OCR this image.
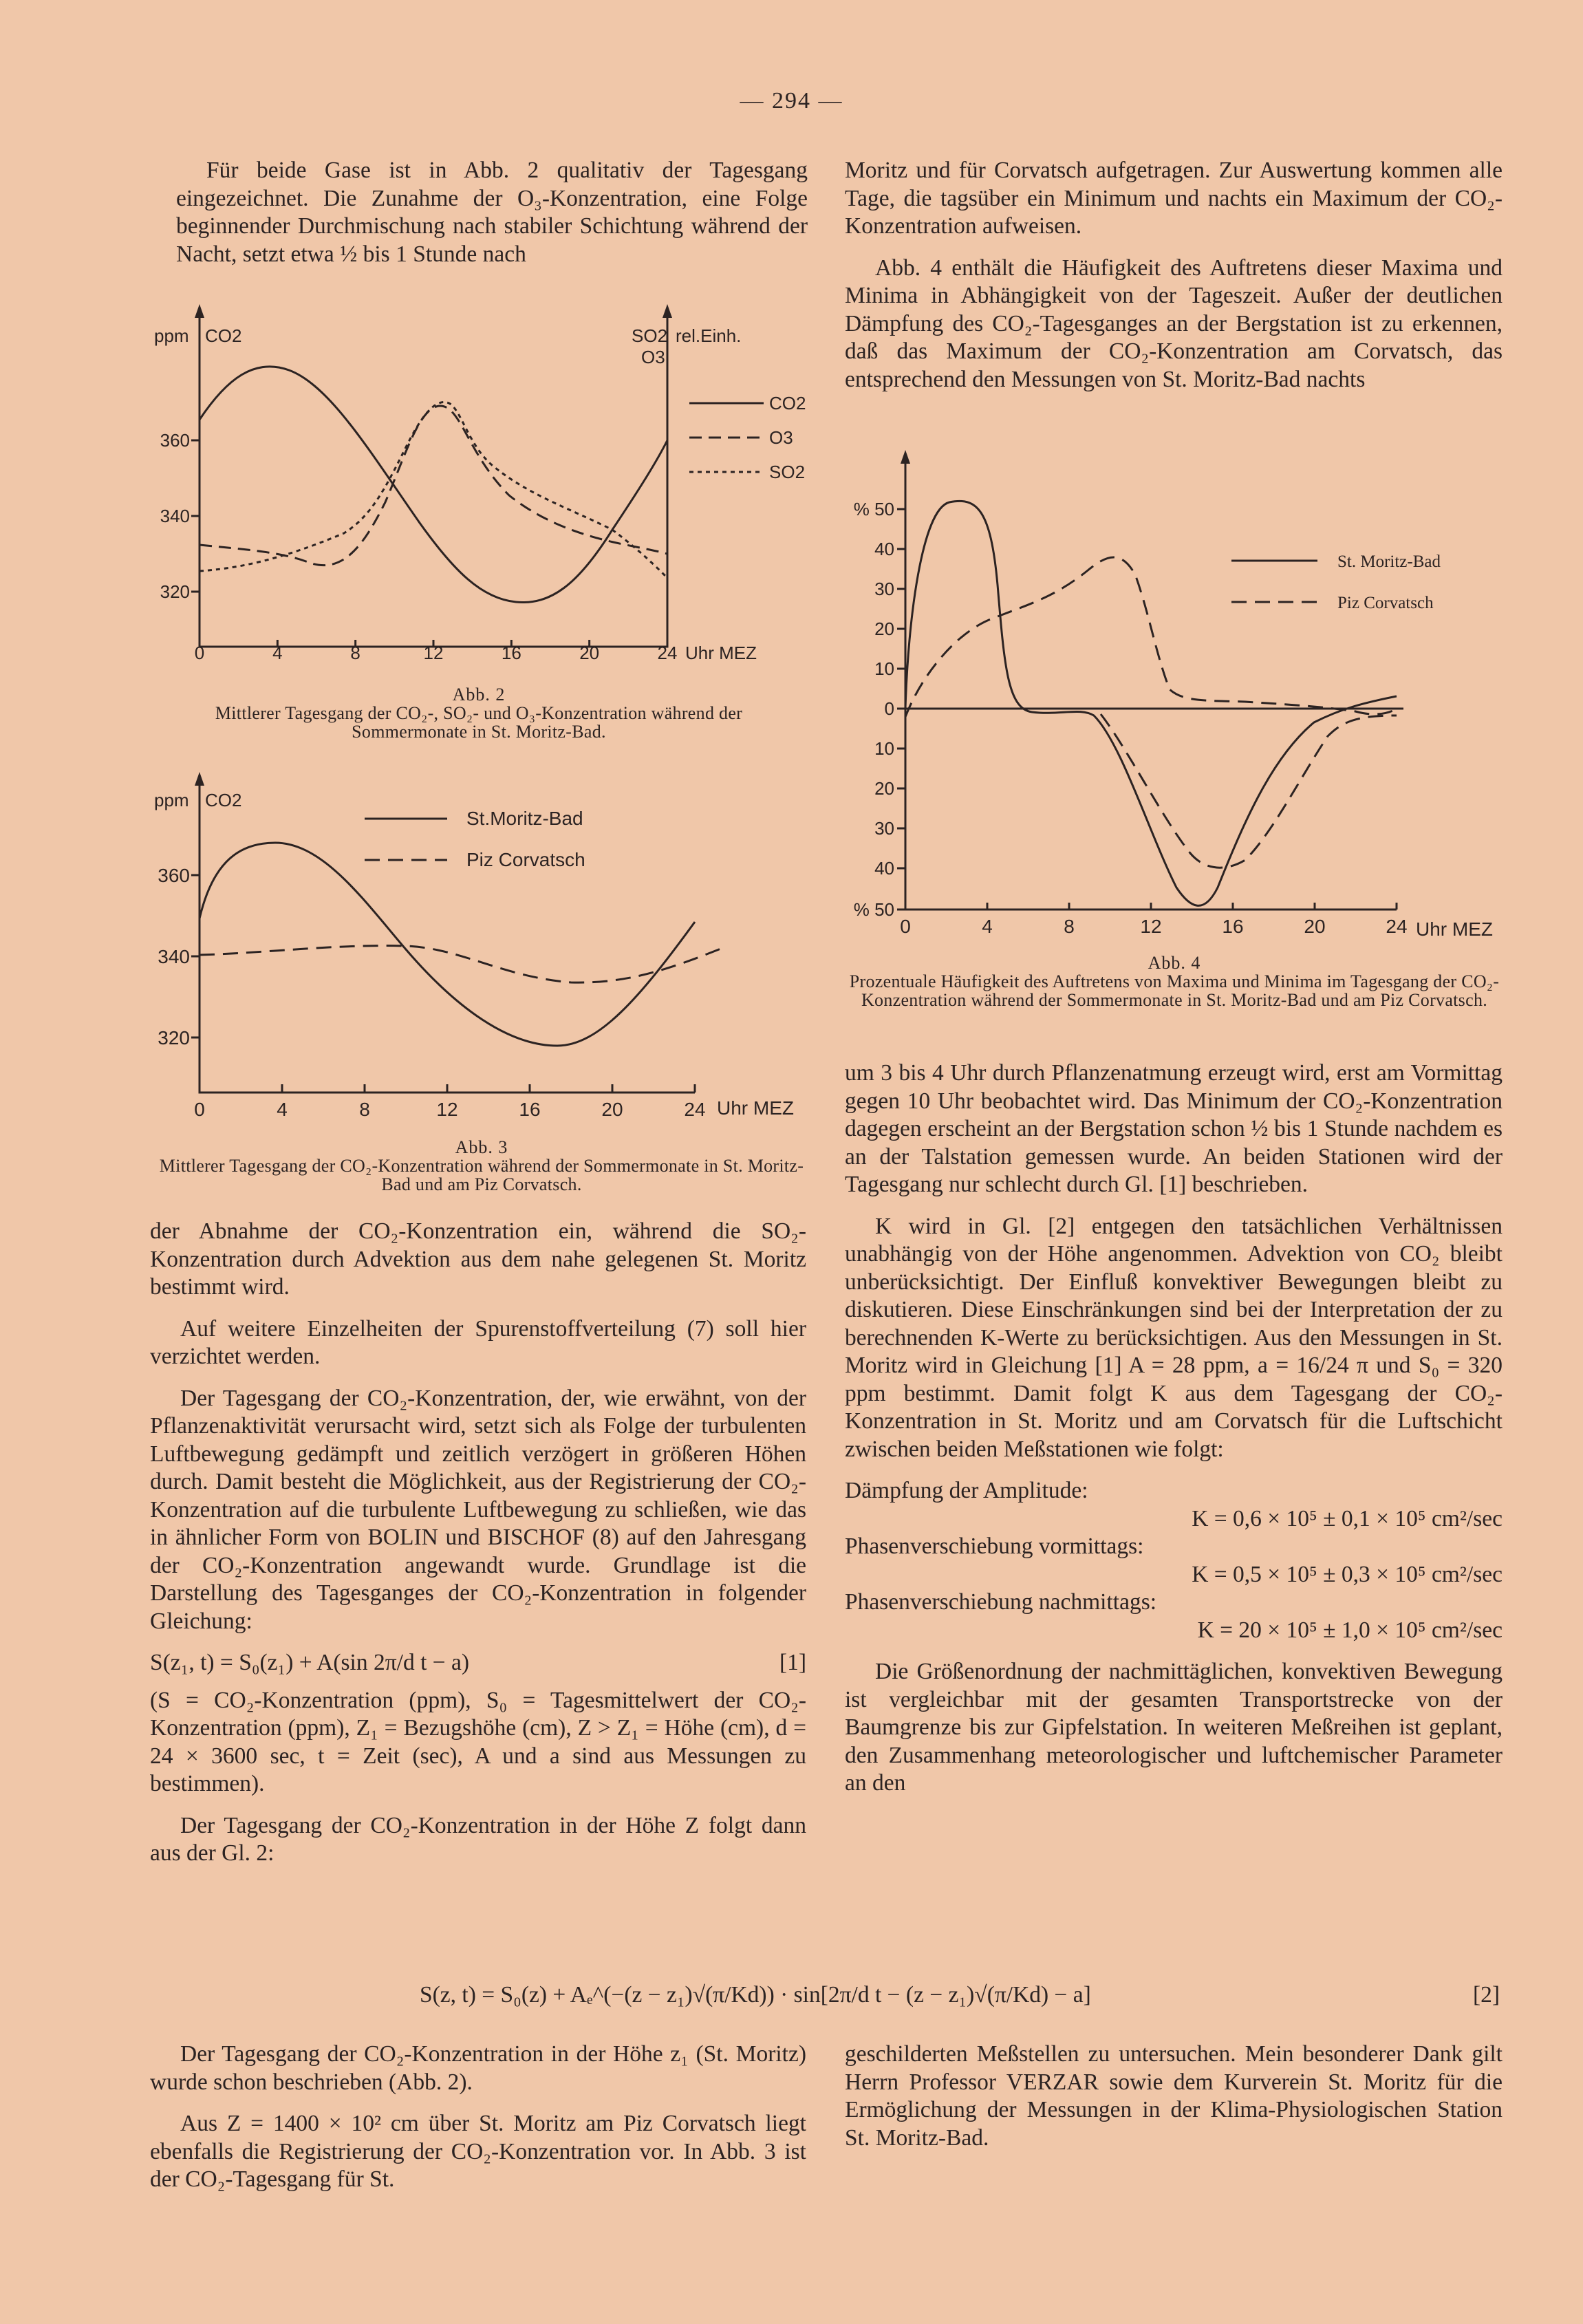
— 294 —

Für beide Gase ist in Abb. 2 qualitativ der Tagesgang eingezeichnet. Die Zunahme der O₃-Konzentration, eine Folge beginnender Durchmischung nach stabiler Schichtung während der Nacht, setzt etwa ½ bis 1 Stunde nach

Moritz und für Corvatsch aufgetragen. Zur Auswertung kommen alle Tage, die tagsüber ein Minimum und nachts ein Maximum der CO₂-Konzentration aufweisen.

Abb. 4 enthält die Häufigkeit des Auftretens dieser Maxima und Minima in Abhängigkeit von der Tageszeit. Außer der deutlichen Dämpfung des CO₂-Tagesganges an der Bergstation ist zu erkennen, daß das Maximum der CO₂-Konzentration am Corvatsch, das entsprechend den Messungen von St. Moritz-Bad nachts

ppm CO2	SO2
O3
rel.Einh.
360
340
320
0	4	8	12	16	20	24 Uhr MEZ
CO2
O3
SO2
Abb. 2
Mittlerer Tagesgang der CO₂-, SO₂- und O₃-Konzentration während der Sommermonate in St. Moritz-Bad.
ppm CO2
360
340
320
0	4	8	12	16	20	24 Uhr MEZ
St.Moritz-Bad
Piz Corvatsch
Abb. 3
Mittlerer Tagesgang der CO₂-Konzentration während der Sommermonate in St. Moritz-Bad und am Piz Corvatsch.
% 50
40
30
20
10
0
10
20
30
40
% 50
0	4	8	12	16	20	24 Uhr MEZ
St. Moritz-Bad
Piz Corvatsch
Abb. 4
Prozentuale Häufigkeit des Auftretens von Maxima und Minima im Tagesgang der CO₂-Konzentration während der Sommermonate in St. Moritz-Bad und am Piz Corvatsch.

der Abnahme der CO₂-Konzentration ein, während die SO₂-Konzentration durch Advektion aus dem nahe gelegenen St. Moritz bestimmt wird.

Auf weitere Einzelheiten der Spurenstoffverteilung (7) soll hier verzichtet werden.

Der Tagesgang der CO₂-Konzentration, der, wie erwähnt, von der Pflanzenaktivität verursacht wird, setzt sich als Folge der turbulenten Luftbewegung gedämpft und zeitlich verzögert in größeren Höhen durch. Damit besteht die Möglichkeit, aus der Registrierung der CO₂-Konzentration auf die turbulente Luftbewegung zu schließen, wie das in ähnlicher Form von BOLIN und BISCHOF (8) auf den Jahresgang der CO₂-Konzentration angewandt wurde. Grundlage ist die Darstellung des Tagesganges der CO₂-Konzentration in folgender Gleichung:

S(z₁, t) = S₀(z₁) + A(sin 2π/d t − a)	[1]

(S = CO₂-Konzentration (ppm), S₀ = Tagesmittelwert der CO₂-Konzentration (ppm), Z₁ = Bezugshöhe (cm), Z > Z₁ = Höhe (cm), d = 24 × 3600 sec, t = Zeit (sec), A und a sind aus Messungen zu bestimmen).

Der Tagesgang der CO₂-Konzentration in der Höhe Z folgt dann aus der Gl. 2:

um 3 bis 4 Uhr durch Pflanzenatmung erzeugt wird, erst am Vormittag gegen 10 Uhr beobachtet wird. Das Minimum der CO₂-Konzentration dagegen erscheint an der Bergstation schon ½ bis 1 Stunde nachdem es an der Talstation gemessen wurde. An beiden Stationen wird der Tagesgang nur schlecht durch Gl. [1] beschrieben.

K wird in Gl. [2] entgegen den tatsächlichen Verhältnissen unabhängig von der Höhe angenommen. Advektion von CO₂ bleibt unberücksichtigt. Der Einfluß konvektiver Bewegungen bleibt zu diskutieren. Diese Einschränkungen sind bei der Interpretation der zu berechnenden K-Werte zu berücksichtigen. Aus den Messungen in St. Moritz wird in Gleichung [1] A = 28 ppm, a = 16/24 π und S₀ = 320 ppm bestimmt. Damit folgt K aus dem Tagesgang der CO₂-Konzentration in St. Moritz und am Corvatsch für die Luftschicht zwischen beiden Meßstationen wie folgt:

Dämpfung der Amplitude:
K = 0,6 × 10⁵ ± 0,1 × 10⁵ cm²/sec
Phasenverschiebung vormittags:
K = 0,5 × 10⁵ ± 0,3 × 10⁵ cm²/sec
Phasenverschiebung nachmittags:
K = 20 × 10⁵ ± 1,0 × 10⁵ cm²/sec

Die Größenordnung der nachmittäglichen, konvektiven Bewegung ist vergleichbar mit der gesamten Transportstrecke von der Baumgrenze bis zur Gipfelstation. In weiteren Meßreihen ist geplant, den Zusammenhang meteorologischer und luftchemischer Parameter an den

S(z, t) = S₀(z) + Aₑ^(−(z − z₁)√(π/Kd)) · sin[2π/d t − (z − z₁)√(π/Kd) − a]	[2]

Der Tagesgang der CO₂-Konzentration in der Höhe z₁ (St. Moritz) wurde schon beschrieben (Abb. 2).

Aus Z = 1400 × 10² cm über St. Moritz am Piz Corvatsch liegt ebenfalls die Registrierung der CO₂-Konzentration vor. In Abb. 3 ist der CO₂-Tagesgang für St.

geschilderten Meßstellen zu untersuchen. Mein besonderer Dank gilt Herrn Professor VERZAR sowie dem Kurverein St. Moritz für die Ermöglichung der Messungen in der Klima-Physiologischen Station St. Moritz-Bad.
